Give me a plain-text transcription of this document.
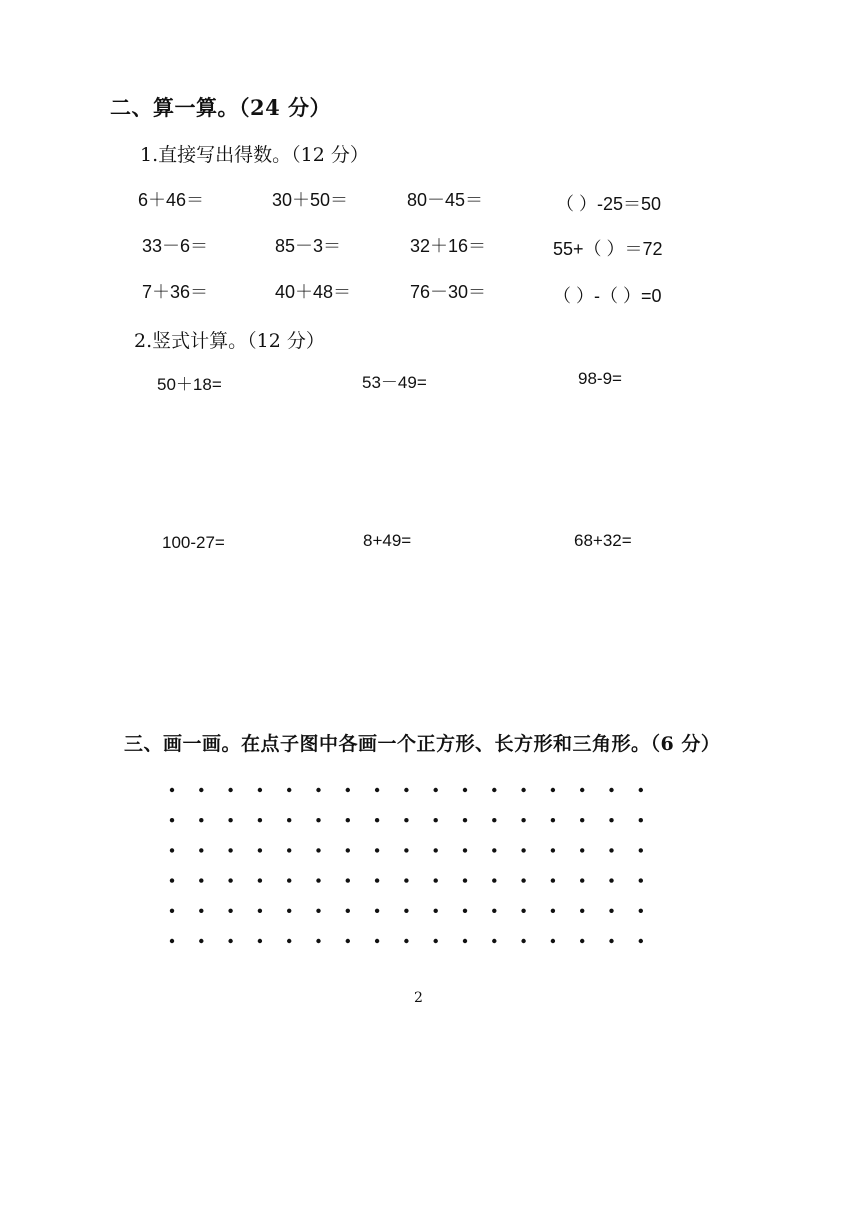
二、算一算。（24 分）
1.直接写出得数。（12 分）
6＋46＝	30＋50＝	80－45＝	（ ）-25＝50
33－6＝	85－3＝	32＋16＝	55+（ ）＝72
7＋36＝	40＋48＝	76－30＝	（ ）-（ ）=0
2.竖式计算。（12 分）
50＋18=	53－49=	98-9=
100-27=	8+49=	68+32=
三、画一画。在点子图中各画一个正方形、长方形和三角形。（6 分）
2
